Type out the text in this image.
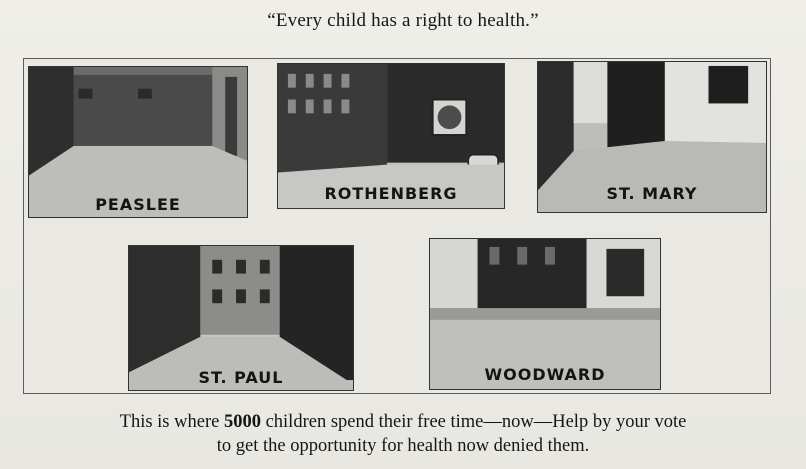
“Every child has a right to health.”
PEASLEE
ROTHENBERG	ST. MARY
ST. PAUL	WOODWARD
This is where 5000 children spend their free time—now—Help by your vote
to get the opportunity for health now denied them.
